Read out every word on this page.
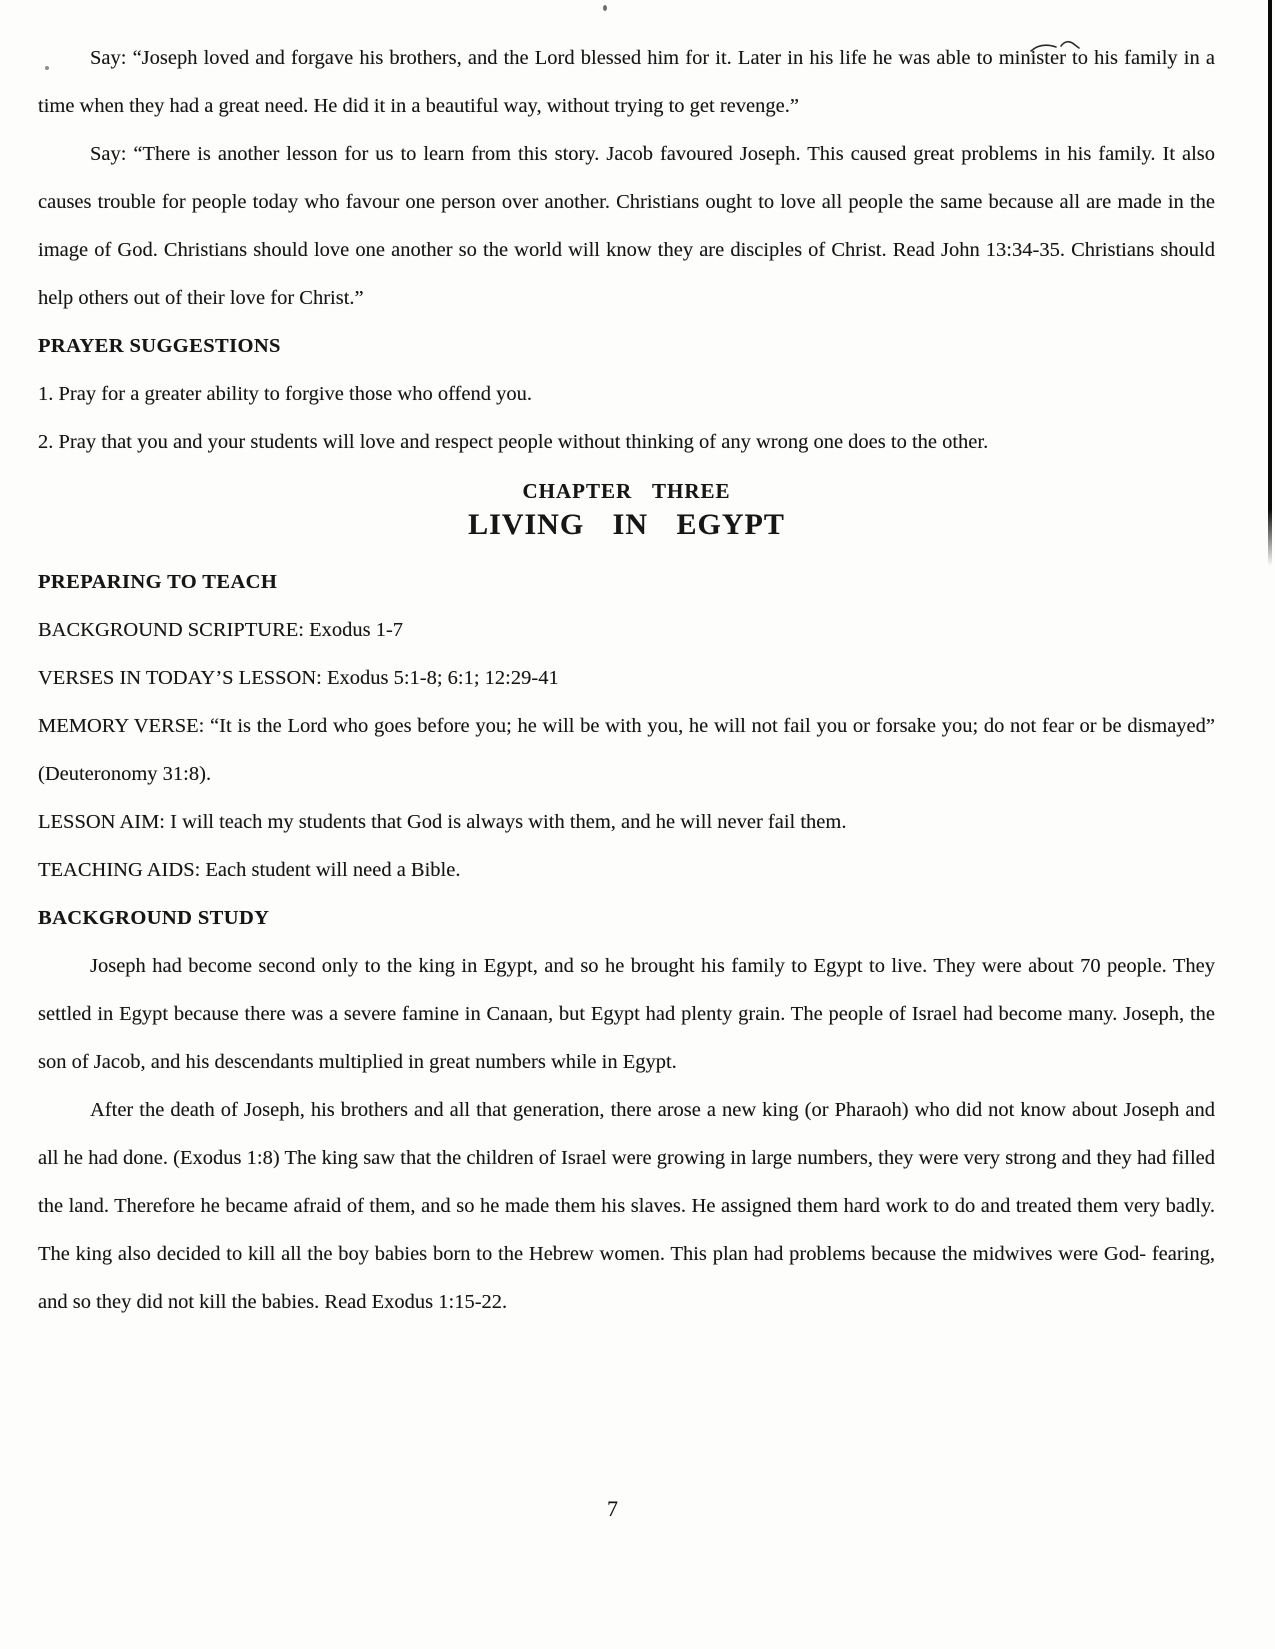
Say: “Joseph loved and forgave his brothers, and the Lord blessed him for it. Later in his life he was able to minister to his family in a time when they had a great need. He did it in a beautiful way, without trying to get revenge.”

Say: “There is another lesson for us to learn from this story. Jacob favoured Joseph. This caused great problems in his family. It also causes trouble for people today who favour one person over another. Christians ought to love all people the same because all are made in the image of God. Christians should love one another so the world will know they are disciples of Christ. Read John 13:34-35. Christians should help others out of their love for Christ.”

PRAYER SUGGESTIONS

1. Pray for a greater ability to forgive those who offend you.

2. Pray that you and your students will love and respect people without thinking of any wrong one does to the other.

CHAPTER THREE
LIVING IN EGYPT
PREPARING TO TEACH

BACKGROUND SCRIPTURE: Exodus 1-7

VERSES IN TODAY’S LESSON: Exodus 5:1-8; 6:1; 12:29-41

MEMORY VERSE: “It is the Lord who goes before you; he will be with you, he will not fail you or forsake you; do not fear or be dismayed” (Deuteronomy 31:8).

LESSON AIM: I will teach my students that God is always with them, and he will never fail them.

TEACHING AIDS: Each student will need a Bible.

BACKGROUND STUDY

Joseph had become second only to the king in Egypt, and so he brought his family to Egypt to live. They were about 70 people. They settled in Egypt because there was a severe famine in Canaan, but Egypt had plenty grain. The people of Israel had become many. Joseph, the son of Jacob, and his descendants multiplied in great numbers while in Egypt.

After the death of Joseph, his brothers and all that generation, there arose a new king (or Pharaoh) who did not know about Joseph and all he had done. (Exodus 1:8) The king saw that the children of Israel were growing in large numbers, they were very strong and they had filled the land. Therefore he became afraid of them, and so he made them his slaves. He assigned them hard work to do and treated them very badly. The king also decided to kill all the boy babies born to the Hebrew women. This plan had problems because the midwives were God- fearing, and so they did not kill the babies. Read Exodus 1:15-22.

7
